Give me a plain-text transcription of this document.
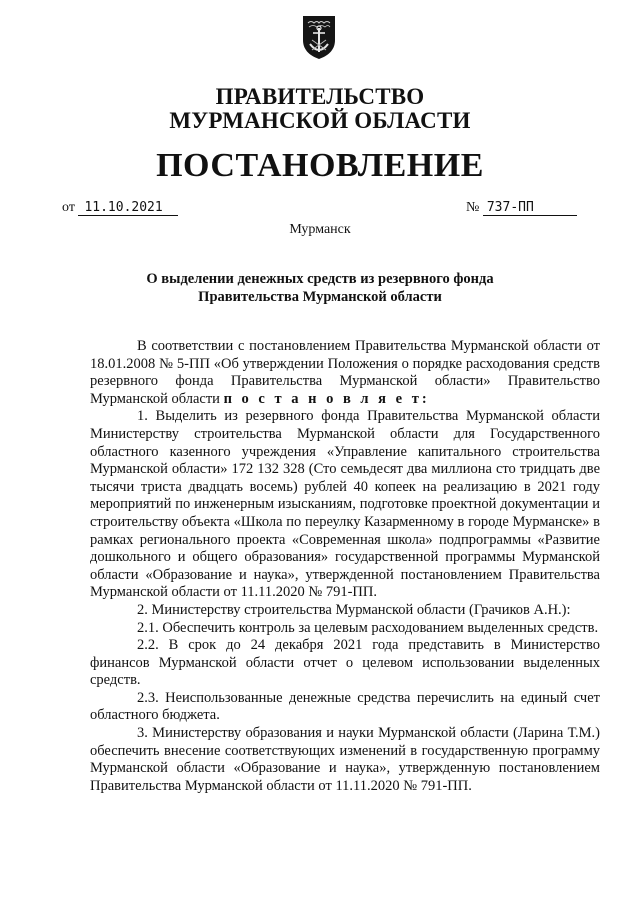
ПРАВИТЕЛЬСТВО
МУРМАНСКОЙ ОБЛАСТИ
ПОСТАНОВЛЕНИЕ
от 11.10.2021	№ 737-ПП
Мурманск
О выделении денежных средств из резервного фонда
Правительства Мурманской области

В соответствии с постановлением Правительства Мурманской области от 18.01.2008 № 5-ПП «Об утверждении Положения о порядке расходования средств резервного фонда Правительства Мурманской области» Правительство Мурманской области п о с т а н о в л я е т:

1. Выделить из резервного фонда Правительства Мурманской области Министерству строительства Мурманской области для Государственного областного казенного учреждения «Управление капитального строительства Мурманской области» 172 132 328 (Сто семьдесят два миллиона сто тридцать две тысячи триста двадцать восемь) рублей 40 копеек на реализацию в 2021 году мероприятий по инженерным изысканиям, подготовке проектной документации и строительству объекта «Школа по переулку Казарменному в городе Мурманске» в рамках регионального проекта «Современная школа» подпрограммы «Развитие дошкольного и общего образования» государственной программы Мурманской области «Образование и наука», утвержденной постановлением Правительства Мурманской области от 11.11.2020 № 791-ПП.

2. Министерству строительства Мурманской области (Грачиков А.Н.):

2.1. Обеспечить контроль за целевым расходованием выделенных средств.

2.2. В срок до 24 декабря 2021 года представить в Министерство финансов Мурманской области отчет о целевом использовании выделенных средств.

2.3. Неиспользованные денежные средства перечислить на единый счет областного бюджета.

3. Министерству образования и науки Мурманской области (Ларина Т.М.) обеспечить внесение соответствующих изменений в государственную программу Мурманской области «Образование и наука», утвержденную постановлением Правительства Мурманской области от 11.11.2020 № 791-ПП.
